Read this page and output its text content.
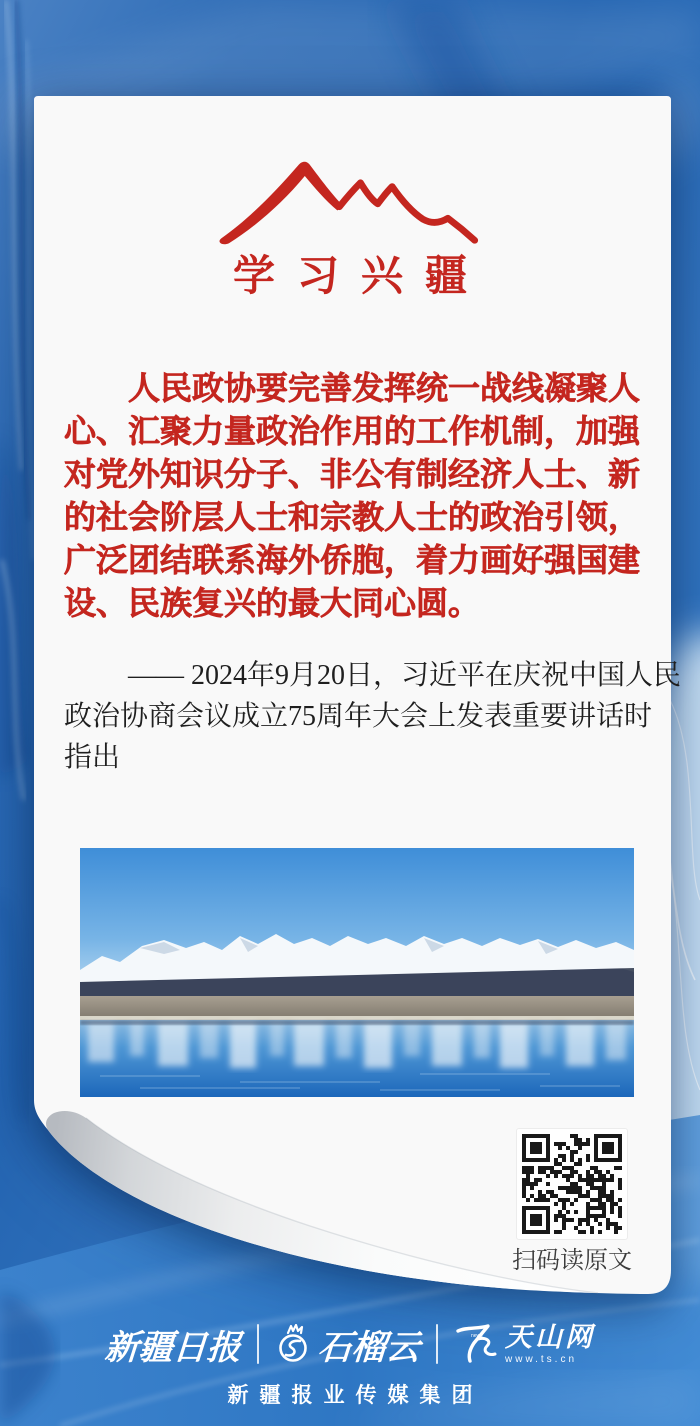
学习兴疆
人民政协要完善发挥统一战线凝聚人
心、汇聚力量政治作用的工作机制，加强
对党外知识分子、非公有制经济人士、新
的社会阶层人士和宗教人士的政治引领，
广泛团结联系海外侨胞，着力画好强国建
设、民族复兴的最大同心圆。
—— 2024年9月20日，习近平在庆祝中国人民
政治协商会议成立75周年大会上发表重要讲话时
指出
扫码读原文
新疆日报 石榴云	news 天山网
www.ts.cn
新疆报业传媒集团
